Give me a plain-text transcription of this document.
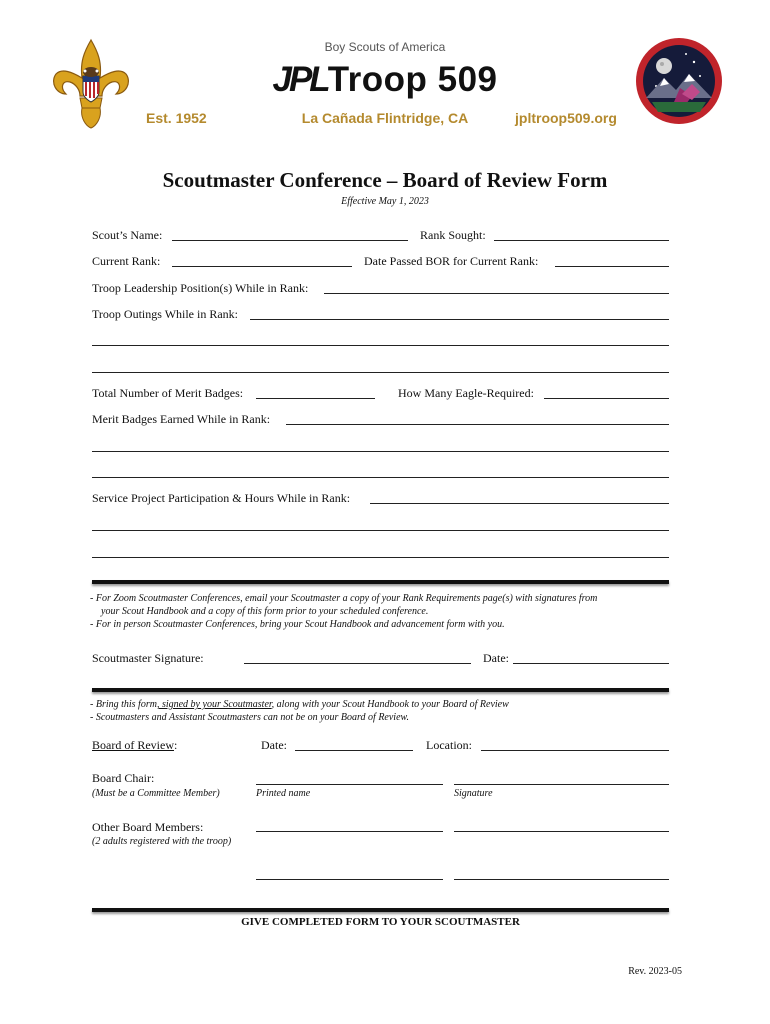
Boy Scouts of America
JPLTroop 509
Est. 1952	La Cañada Flintridge, CA	jpltroop509.org
Scoutmaster Conference – Board of Review Form
Effective May 1, 2023
Scout’s Name:	Rank Sought:
Current Rank:	Date Passed BOR for Current Rank:
Troop Leadership Position(s) While in Rank:
Troop Outings While in Rank:
Total Number of Merit Badges:	How Many Eagle-Required:
Merit Badges Earned While in Rank:
Service Project Participation & Hours While in Rank:
- For Zoom Scoutmaster Conferences, email your Scoutmaster a copy of your Rank Requirements page(s) with signatures from
your Scout Handbook and a copy of this form prior to your scheduled conference.
- For in person Scoutmaster Conferences, bring your Scout Handbook and advancement form with you.
Scoutmaster Signature:	Date:
- Bring this form, signed by your Scoutmaster, along with your Scout Handbook to your Board of Review
- Scoutmasters and Assistant Scoutmasters can not be on your Board of Review.
Board of Review:	Date:	Location:
Board Chair:
(Must be a Committee Member)	Printed name	Signature
Other Board Members:
(2 adults registered with the troop)
GIVE COMPLETED FORM TO YOUR SCOUTMASTER
Rev. 2023-05
